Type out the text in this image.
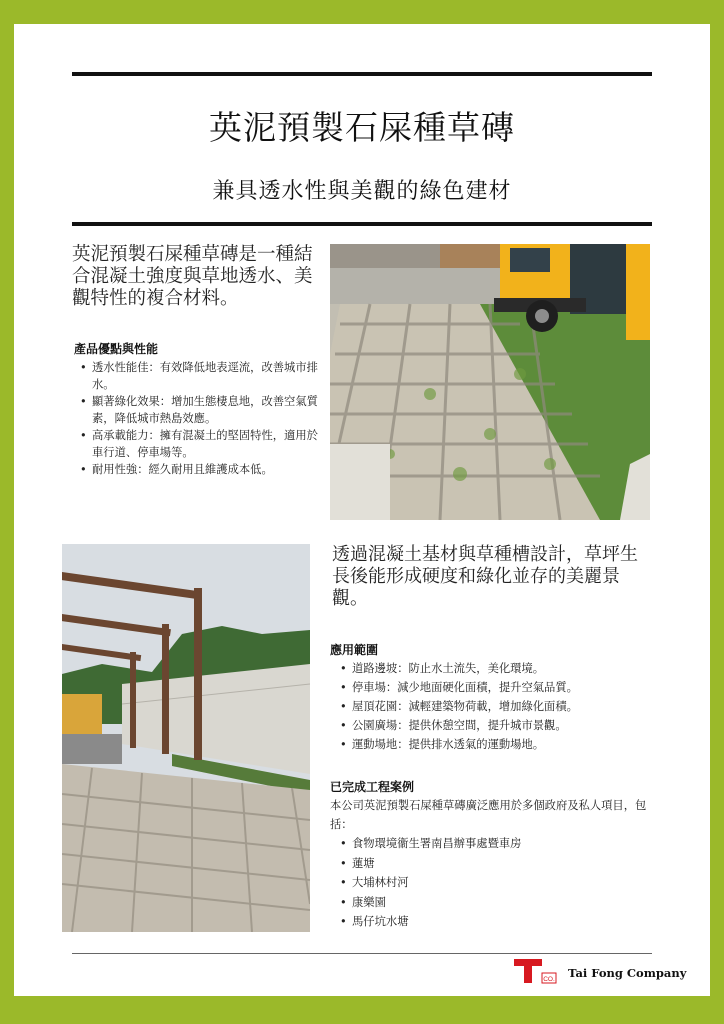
英泥預製石屎種草磚
兼具透水性與美觀的綠色建材
英泥預製石屎種草磚是一種結合混凝土強度與草地透水、美觀特性的複合材料。
產品優點與性能
• 透水性能佳：有效降低地表逕流，改善城市排水。
• 顯著綠化效果：增加生態棲息地，改善空氣質素，降低城市熱島效應。
• 高承載能力：擁有混凝土的堅固特性，適用於車行道、停車場等。
• 耐用性強：經久耐用且維護成本低。
透過混凝土基材與草種槽設計，草坪生長後能形成硬度和綠化並存的美麗景觀。
應用範圍
• 道路邊坡：防止水土流失，美化環境。
• 停車場：減少地面硬化面積，提升空氣品質。
• 屋頂花園：減輕建築物荷載，增加綠化面積。
• 公園廣場：提供休憩空間，提升城市景觀。
• 運動場地：提供排水透氣的運動場地。
已完成工程案例
本公司英泥預製石屎種草磚廣泛應用於多個政府及私人項目，包括：
• 食物環境衞生署南昌辦事處暨車房
• 蓮塘
• 大埔林村河
• 康樂園
• 馬仔坑水塘
CO. Tai Fong Company
